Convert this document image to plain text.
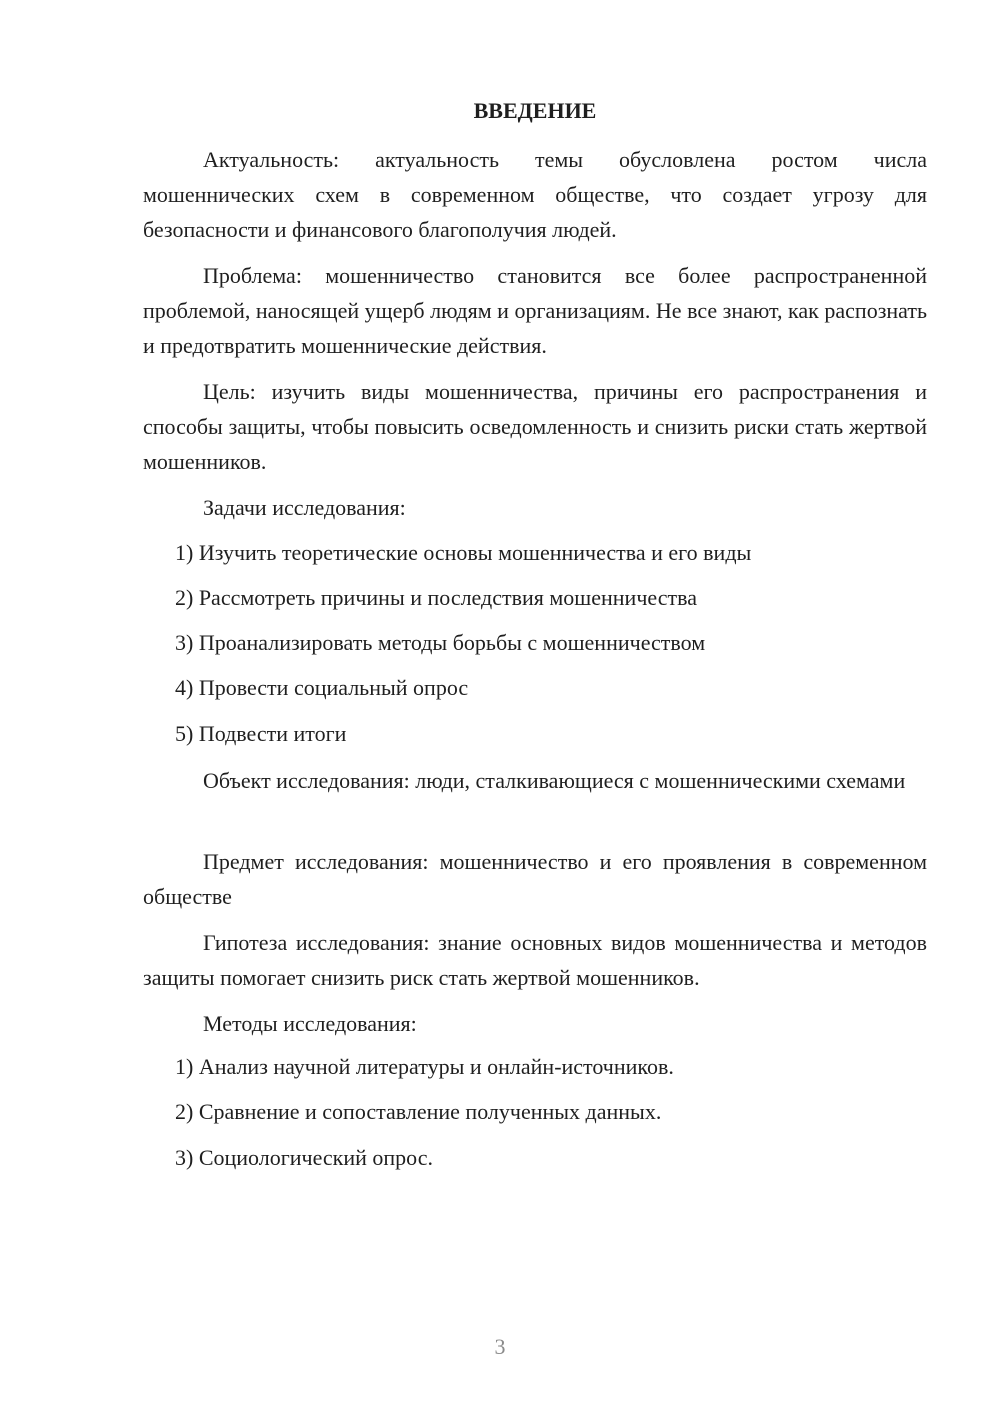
ВВЕДЕНИЕ

Актуальность: актуальность темы обусловлена ростом числа мошеннических схем в современном обществе, что создает угрозу для безопасности и финансового благополучия людей.

Проблема: мошенничество становится все более распространенной проблемой, наносящей ущерб людям и организациям. Не все знают, как распознать и предотвратить мошеннические действия.

Цель: изучить виды мошенничества, причины его распространения и способы защиты, чтобы повысить осведомленность и снизить риски стать жертвой мошенников.

Задачи исследования:

1) Изучить теоретические основы мошенничества и его виды
2) Рассмотреть причины и последствия мошенничества
3) Проанализировать методы борьбы с мошенничеством
4) Провести социальный опрос
5) Подвести итоги

Объект исследования: люди, сталкивающиеся с мошенническими схемами

Предмет исследования: мошенничество и его проявления в современном обществе

Гипотеза исследования: знание основных видов мошенничества и методов защиты помогает снизить риск стать жертвой мошенников.

Методы исследования:

1) Анализ научной литературы и онлайн-источников.
2) Сравнение и сопоставление полученных данных.
3) Социологический опрос.
3
